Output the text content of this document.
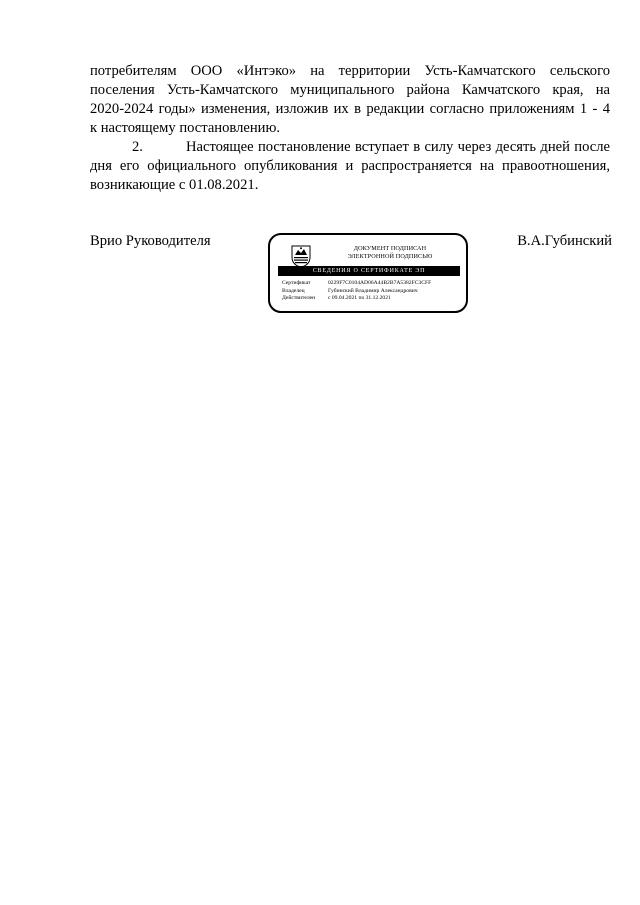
потребителям ООО «Интэко» на территории Усть-Камчатского сельского
поселения Усть-Камчатского муниципального района Камчатского края, на
2020-2024 годы» изменения, изложив их в редакции согласно приложениям 1 - 4
к настоящему постановлению.

2.	Настоящее постановление вступает в силу через десять дней после
дня его официального опубликования и распространяется на правоотношения,
возникающие с 01.08.2021.

Врио Руководителя	В.А.Губинский
ДОКУМЕНТ ПОДПИСАН
ЭЛЕКТРОННОЙ ПОДПИСЬЮ
СВЕДЕНИЯ О СЕРТИФИКАТЕ ЭП
Сертификат	0229F7C0104AD06A44B2B7A5382FC3CFF
Владелец	Губинский Владимир Александрович
Действителен	с 09.04.2021 по 31.12.2021
